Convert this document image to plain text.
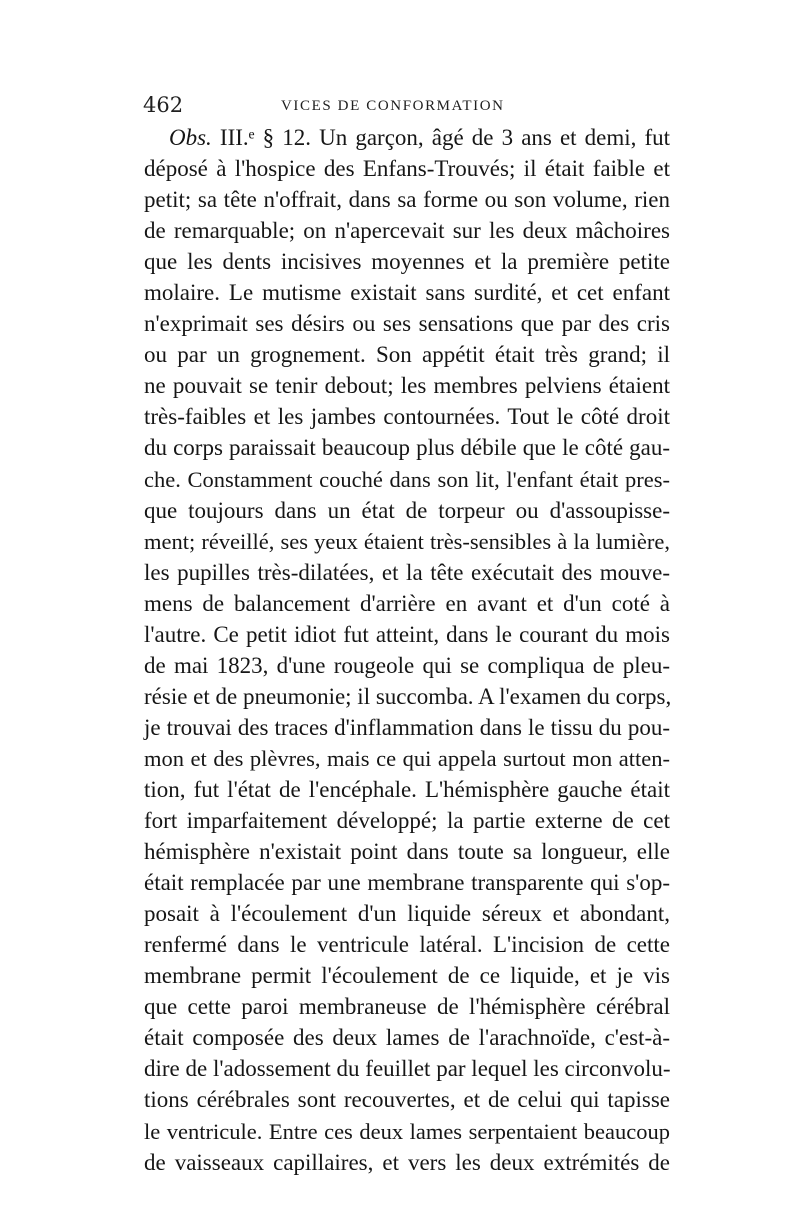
462	VICES DE CONFORMATION
Obs. III.ᵉ § 12. Un garçon, âgé de 3 ans et demi, fut
déposé à l'hospice des Enfans-Trouvés; il était faible et
petit; sa tête n'offrait, dans sa forme ou son volume, rien
de remarquable; on n'apercevait sur les deux mâchoires
que les dents incisives moyennes et la première petite
molaire. Le mutisme existait sans surdité, et cet enfant
n'exprimait ses désirs ou ses sensations que par des cris
ou par un grognement. Son appétit était très grand; il
ne pouvait se tenir debout; les membres pelviens étaient
très-faibles et les jambes contournées. Tout le côté droit
du corps paraissait beaucoup plus débile que le côté gau-
che. Constamment couché dans son lit, l'enfant était pres-
que toujours dans un état de torpeur ou d'assoupisse-
ment; réveillé, ses yeux étaient très-sensibles à la lumière,
les pupilles très-dilatées, et la tête exécutait des mouve-
mens de balancement d'arrière en avant et d'un coté à
l'autre. Ce petit idiot fut atteint, dans le courant du mois
de mai 1823, d'une rougeole qui se compliqua de pleu-
résie et de pneumonie; il succomba. A l'examen du corps,
je trouvai des traces d'inflammation dans le tissu du pou-
mon et des plèvres, mais ce qui appela surtout mon atten-
tion, fut l'état de l'encéphale. L'hémisphère gauche était
fort imparfaitement développé; la partie externe de cet
hémisphère n'existait point dans toute sa longueur, elle
était remplacée par une membrane transparente qui s'op-
posait à l'écoulement d'un liquide séreux et abondant,
renfermé dans le ventricule latéral. L'incision de cette
membrane permit l'écoulement de ce liquide, et je vis
que cette paroi membraneuse de l'hémisphère cérébral
était composée des deux lames de l'arachnoïde, c'est-à-
dire de l'adossement du feuillet par lequel les circonvolu-
tions cérébrales sont recouvertes, et de celui qui tapisse
le ventricule. Entre ces deux lames serpentaient beaucoup
de vaisseaux capillaires, et vers les deux extrémités de
